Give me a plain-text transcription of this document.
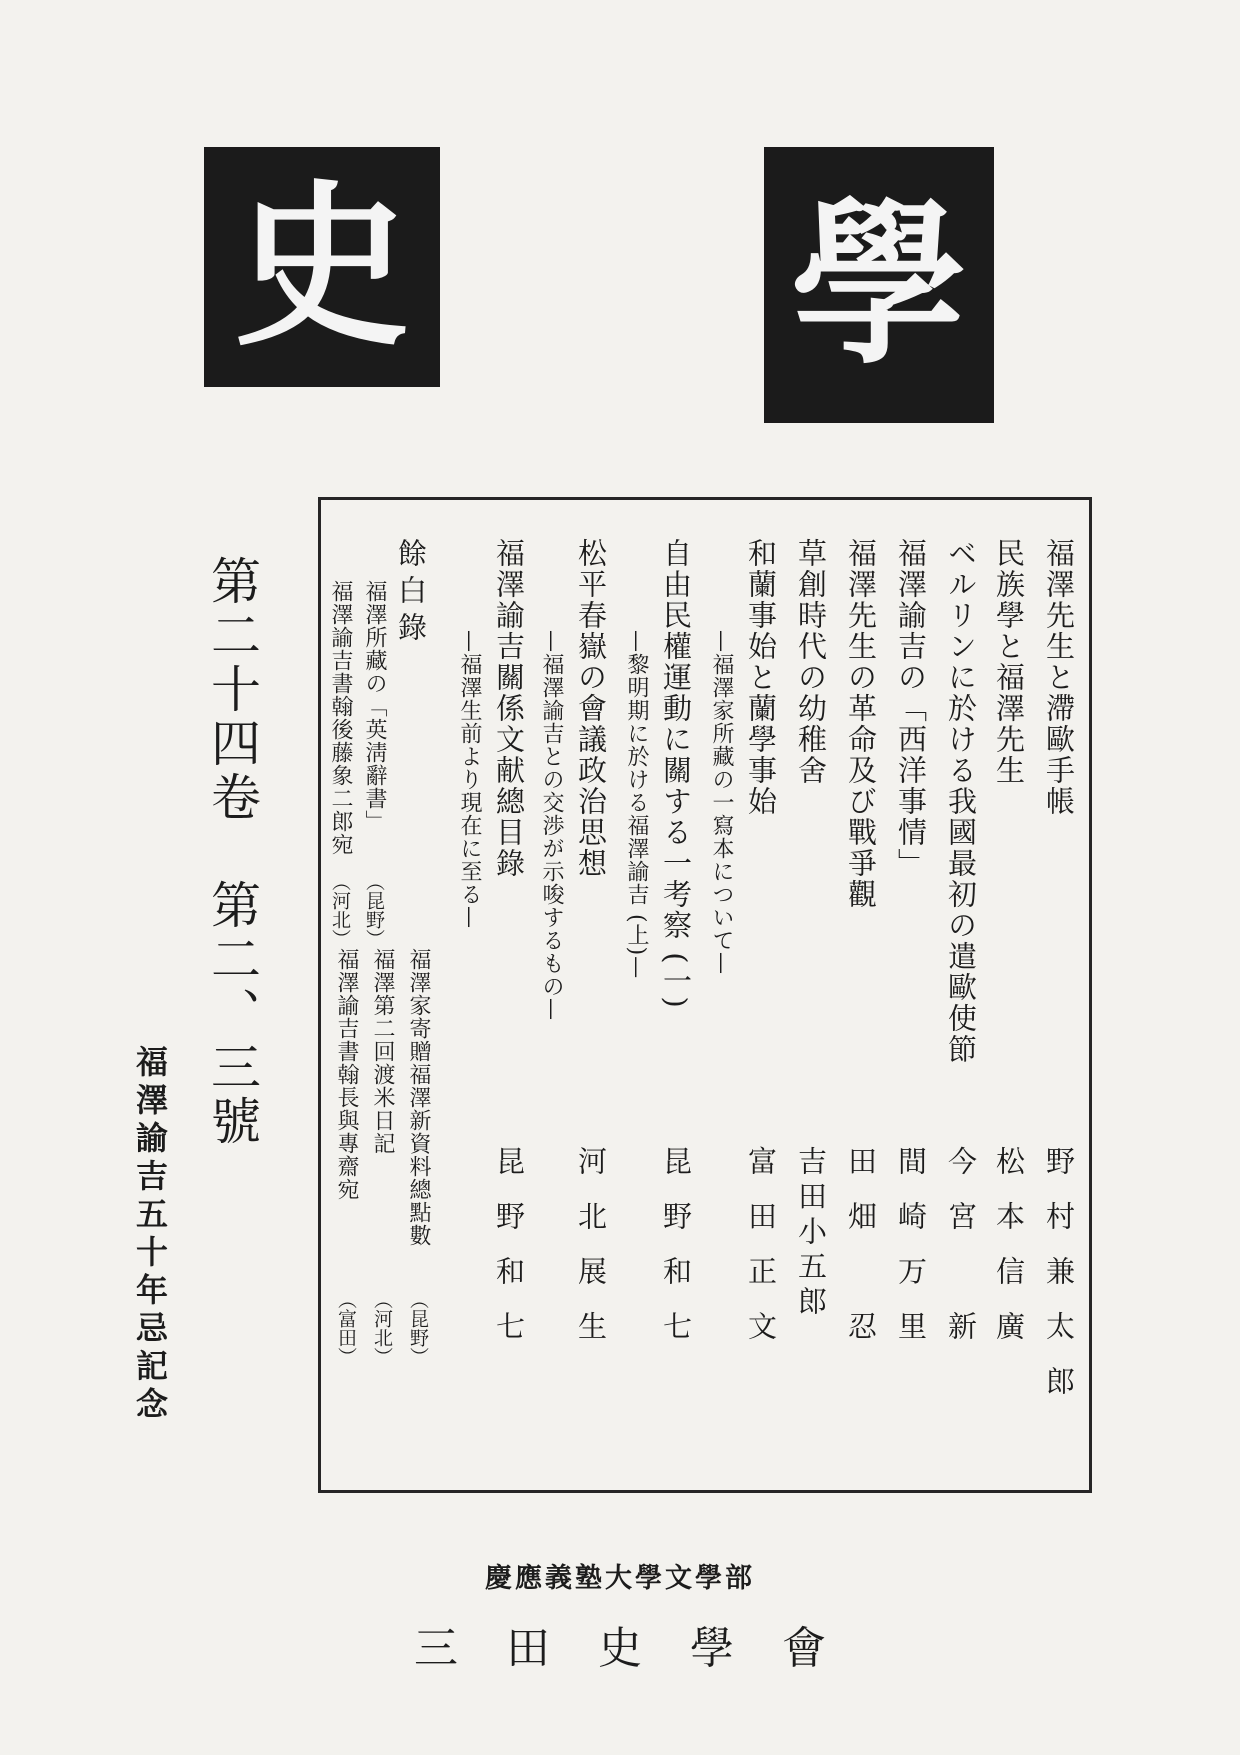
史 學
第二十四卷　第二、三號
福澤諭吉五十年忌記念
福澤先生と滯歐手帳
野村兼太郎
民族學と福澤先生
松本信廣
ベルリンに於ける我國最初の遣歐使節
今宮　新
福澤諭吉の「西洋事情」
間崎万里
福澤先生の革命及び戰爭觀
田畑　忍
草創時代の幼稚舍
吉田小五郎
和蘭事始と蘭學事始
—福澤家所藏の一寫本について—
富田正文
自由民權運動に關する一考察 (一)
—黎明期に於ける福澤諭吉 (上)—
昆野和七
松平春嶽の會議政治思想
—福澤諭吉との交渉が示唆するもの—
河北展生
福澤諭吉關係文献總目錄
—福澤生前より現在に至る—
昆野和七
餘白錄
福澤所藏の「英淸辭書」
（昆野）
福澤諭吉書翰後藤象二郎宛
（河北）
福澤家寄贈福澤新資料總點數
（昆野）
福澤第二回渡米日記
（河北）
福澤諭吉書翰長與專齋宛
（富田）
慶應義塾大學文學部
三田史學會
